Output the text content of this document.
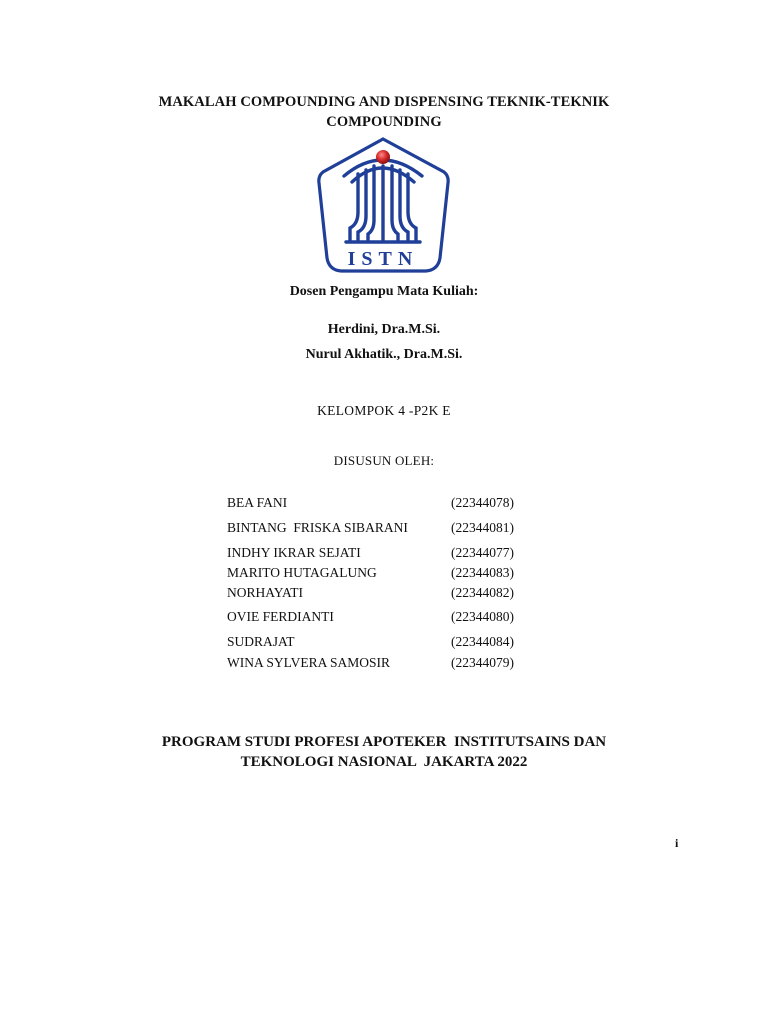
MAKALAH COMPOUNDING AND DISPENSING TEKNIK-TEKNIK
COMPOUNDING
ISTN
Dosen Pengampu Mata Kuliah:
Herdini, Dra.M.Si.
Nurul Akhatik., Dra.M.Si.
KELOMPOK 4 -P2K E
DISUSUN OLEH:
BEA FANI	(22344078)
BINTANG  FRISKA SIBARANI	(22344081)
INDHY IKRAR SEJATI	(22344077)
MARITO HUTAGALUNG	(22344083)
NORHAYATI	(22344082)
OVIE FERDIANTI	(22344080)
SUDRAJAT	(22344084)
WINA SYLVERA SAMOSIR	(22344079)
PROGRAM STUDI PROFESI APOTEKER  INSTITUTSAINS DAN
TEKNOLOGI NASIONAL  JAKARTA 2022
i
